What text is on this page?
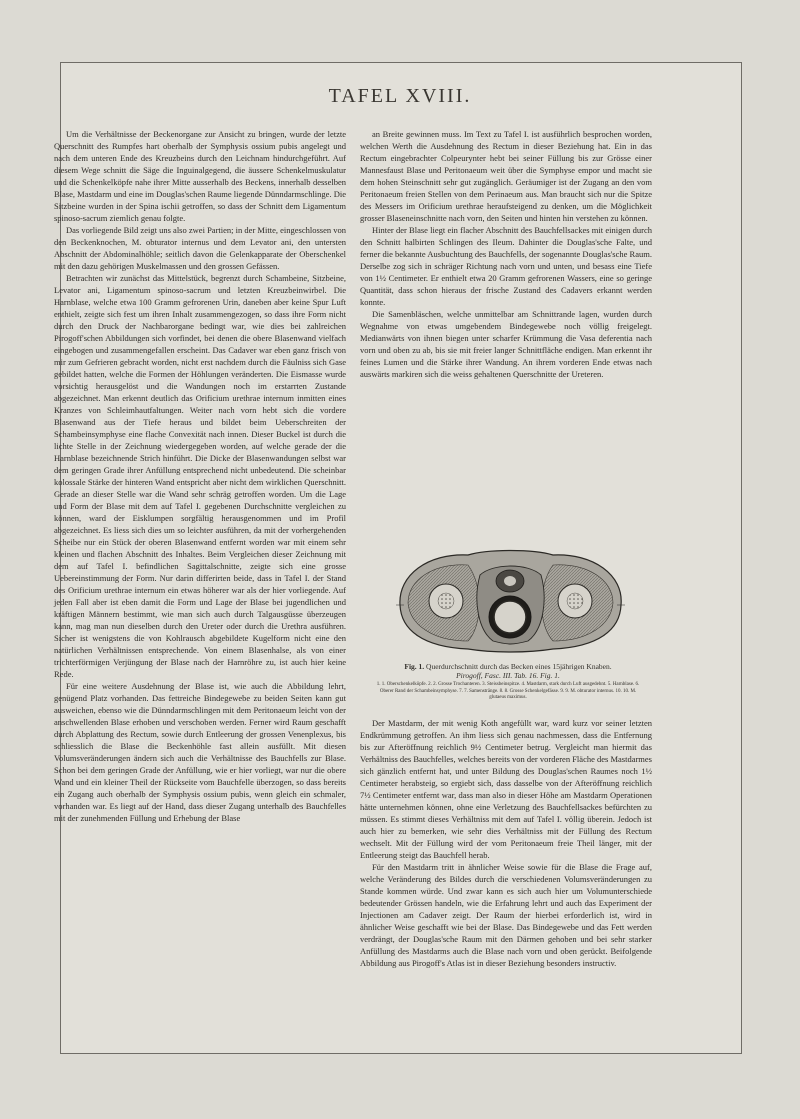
TAFEL XVIII.

Um die Verhältnisse der Beckenorgane zur Ansicht zu bringen, wurde der letzte Querschnitt des Rumpfes hart oberhalb der Symphysis ossium pubis angelegt und nach dem unteren Ende des Kreuzbeins durch den Leichnam hindurchgeführt. Auf diesem Wege schnitt die Säge die Inguinalgegend, die äussere Schenkelmuskulatur und die Schenkelköpfe nahe ihrer Mitte ausserhalb des Beckens, innerhalb desselben Blase, Mastdarm und eine im Douglas'schen Raume liegende Dünndarmschlinge. Die Sitzbeine wurden in der Spina ischii getroffen, so dass der Schnitt dem Ligamentum spinoso-sacrum ziemlich genau folgte.

Das vorliegende Bild zeigt uns also zwei Partien; in der Mitte, eingeschlossen von den Beckenknochen, M. obturator internus und dem Levator ani, den untersten Abschnitt der Abdominalhöhle; seitlich davon die Gelenkapparate der Oberschenkel mit den dazu gehörigen Muskelmassen und den grossen Gefässen.

Betrachten wir zunächst das Mittelstück, begrenzt durch Schambeine, Sitzbeine, Levator ani, Ligamentum spinoso-sacrum und letzten Kreuzbeinwirbel. Die Harnblase, welche etwa 100 Gramm gefrorenen Urin, daneben aber keine Spur Luft enthielt, zeigte sich fest um ihren Inhalt zusammengezogen, so dass ihre Form nicht durch den Druck der Nachbarorgane bedingt war, wie dies bei zahlreichen Pirogoff'schen Abbildungen sich vorfindet, bei denen die obere Blasenwand vielfach eingebogen und zusammengefallen erscheint. Das Cadaver war eben ganz frisch von mir zum Gefrieren gebracht worden, nicht erst nachdem durch die Fäulniss sich Gase gebildet hatten, welche die Formen der Höhlungen veränderten. Die Eismasse wurde vorsichtig herausgelöst und die Wandungen noch im erstarrten Zustande abgezeichnet. Man erkennt deutlich das Orificium urethrae internum inmitten eines Kranzes von Schleimhautfaltungen. Weiter nach vorn hebt sich die vordere Blasenwand aus der Tiefe heraus und bildet beim Ueberschreiten der Schambeinsymphyse eine flache Convexität nach innen. Dieser Buckel ist durch die lichte Stelle in der Zeichnung wiedergegeben worden, auf welche gerade der die Harnblase bezeichnende Strich hinführt. Die Dicke der Blasenwandungen selbst war dem geringen Grade ihrer Anfüllung entsprechend nicht unbedeutend. Die scheinbar kolossale Stärke der hinteren Wand entspricht aber nicht dem wirklichen Querschnitt. Gerade an dieser Stelle war die Wand sehr schräg getroffen worden. Um die Lage und Form der Blase mit dem auf Tafel I. gegebenen Durchschnitte vergleichen zu können, ward der Eisklumpen sorgfältig herausgenommen und im Profil abgezeichnet. Es liess sich dies um so leichter ausführen, da mit der vorhergehenden Scheibe nur ein Stück der oberen Blasenwand entfernt worden war mit einem sehr kleinen und flachen Abschnitt des Inhaltes. Beim Vergleichen dieser Zeichnung mit dem auf Tafel I. befindlichen Sagittalschnitte, zeigte sich eine grosse Uebereinstimmung der Form. Nur darin differirten beide, dass in Tafel I. der Stand des Orificium urethrae internum ein etwas höherer war als der hier vorliegende. Auf jeden Fall aber ist eben damit die Form und Lage der Blase bei jugendlichen und kräftigen Männern bestimmt, wie man sich auch durch Talgausgüsse überzeugen kann, mag man nun dieselben durch den Ureter oder durch die Urethra ausführen. Sicher ist wenigstens die von Kohlrausch abgebildete Kugelform nicht eine den natürlichen Verhältnissen entsprechende. Von einem Blasenhalse, als von einer trichterförmigen Verjüngung der Blase nach der Harnröhre zu, ist auch hier keine Rede.

Für eine weitere Ausdehnung der Blase ist, wie auch die Abbildung lehrt, genügend Platz vorhanden. Das fettreiche Bindegewebe zu beiden Seiten kann gut ausweichen, ebenso wie die Dünndarmschlingen mit dem Peritonaeum leicht von der anschwellenden Blase erhoben und verschoben werden. Ferner wird Raum geschafft durch Abplattung des Rectum, sowie durch Entleerung der grossen Venenplexus, bis schliesslich die Blase die Beckenhöhle fast allein ausfüllt. Mit diesen Volumsveränderungen ändern sich auch die Verhältnisse des Bauchfells zur Blase. Schon bei dem geringen Grade der Anfüllung, wie er hier vorliegt, war nur die obere Wand und ein kleiner Theil der Rückseite vom Bauchfelle überzogen, so dass bereits ein Zugang auch oberhalb der Symphysis ossium pubis, wenn gleich ein schmaler, vorhanden war. Es liegt auf der Hand, dass dieser Zugang unterhalb des Bauchfelles mit der zunehmenden Füllung und Erhebung der Blase

an Breite gewinnen muss. Im Text zu Tafel I. ist ausführlich besprochen worden, welchen Werth die Ausdehnung des Rectum in dieser Beziehung hat. Ein in das Rectum eingebrachter Colpeurynter hebt bei seiner Füllung bis zur Grösse einer Mannesfaust Blase und Peritonaeum weit über die Symphyse empor und macht sie dem hohen Steinschnitt sehr gut zugänglich. Geräumiger ist der Zugang an den vom Peritonaeum freien Stellen von dem Perinaeum aus. Man braucht sich nur die Spitze des Messers im Orificium urethrae heraufsteigend zu denken, um die Möglichkeit grosser Blaseneinschnitte nach vorn, den Seiten und hinten hin verstehen zu können.

Hinter der Blase liegt ein flacher Abschnitt des Bauchfellsackes mit einigen durch den Schnitt halbirten Schlingen des Ileum. Dahinter die Douglas'sche Falte, und ferner die bekannte Ausbuchtung des Bauchfells, der sogenannte Douglas'sche Raum. Derselbe zog sich in schräger Richtung nach vorn und unten, und besass eine Tiefe von 1½ Centimeter. Er enthielt etwa 20 Gramm gefrorenen Wassers, eine so geringe Quantität, dass schon hieraus der frische Zustand des Cadavers erkannt werden konnte.

Die Samenbläschen, welche unmittelbar am Schnittrande lagen, wurden durch Wegnahme von etwas umgebendem Bindegewebe noch völlig freigelegt. Medianwärts von ihnen biegen unter scharfer Krümmung die Vasa deferentia nach vorn und oben zu ab, bis sie mit freier langer Schnittfläche endigen. Man erkennt ihr feines Lumen und die Stärke ihrer Wandung. An ihrem vorderen Ende etwas nach auswärts markiren sich die weiss gehaltenen Querschnitte der Ureteren.

Fig. 1. Querdurchschnitt durch das Becken eines 15jährigen Knaben.
Pirogoff, Fasc. III. Tab. 16. Fig. 1.
1. 1. Oberschenkelköpfe. 2. 2. Grosse Trochanteren. 3. Steissbeinspitze. 4. Mastdarm, stark durch Luft ausgedehnt. 5. Harnblase. 6. Oberer Rand der Schambeinsymphyse. 7. 7. Samenstränge. 8. 8. Grosse Schenkelgefässe. 9. 9. M. obturator internus. 10. 10. M. glutaeus maximus.

Der Mastdarm, der mit wenig Koth angefüllt war, ward kurz vor seiner letzten Endkrümmung getroffen. An ihm liess sich genau nachmessen, dass die Entfernung bis zur Afteröffnung reichlich 9½ Centimeter betrug. Vergleicht man hiermit das Verhältniss des Bauchfelles, welches bereits von der vorderen Fläche des Mastdarmes sich gänzlich entfernt hat, und unter Bildung des Douglas'schen Raumes noch 1½ Centimeter herabsteig, so ergiebt sich, dass dasselbe von der Afteröffnung reichlich 7½ Centimeter entfernt war, dass man also in dieser Höhe am Mastdarm Operationen hätte unternehmen können, ohne eine Verletzung des Bauchfellsackes befürchten zu müssen. Es stimmt dieses Verhältniss mit dem auf Tafel I. völlig überein. Jedoch ist auch hier zu bemerken, wie sehr dies Verhältniss mit der Füllung des Rectum wechselt. Mit der Füllung wird der vom Peritonaeum freie Theil länger, mit der Entleerung steigt das Bauchfell herab.

Für den Mastdarm tritt in ähnlicher Weise sowie für die Blase die Frage auf, welche Veränderung des Bildes durch die verschiedenen Volumsveränderungen zu Stande kommen würde. Und zwar kann es sich auch hier um Volumunterschiede bedeutender Grössen handeln, wie die Erfahrung lehrt und auch das Experiment der Injectionen am Cadaver zeigt. Der Raum der hierbei erforderlich ist, wird in ähnlicher Weise geschafft wie bei der Blase. Das Bindegewebe und das Fett werden verdrängt, der Douglas'sche Raum mit den Därmen gehoben und bei sehr starker Anfüllung des Mastdarms auch die Blase nach vorn und oben gerückt. Beifolgende Abbildung aus Pirogoff's Atlas ist in dieser Beziehung besonders instructiv.
